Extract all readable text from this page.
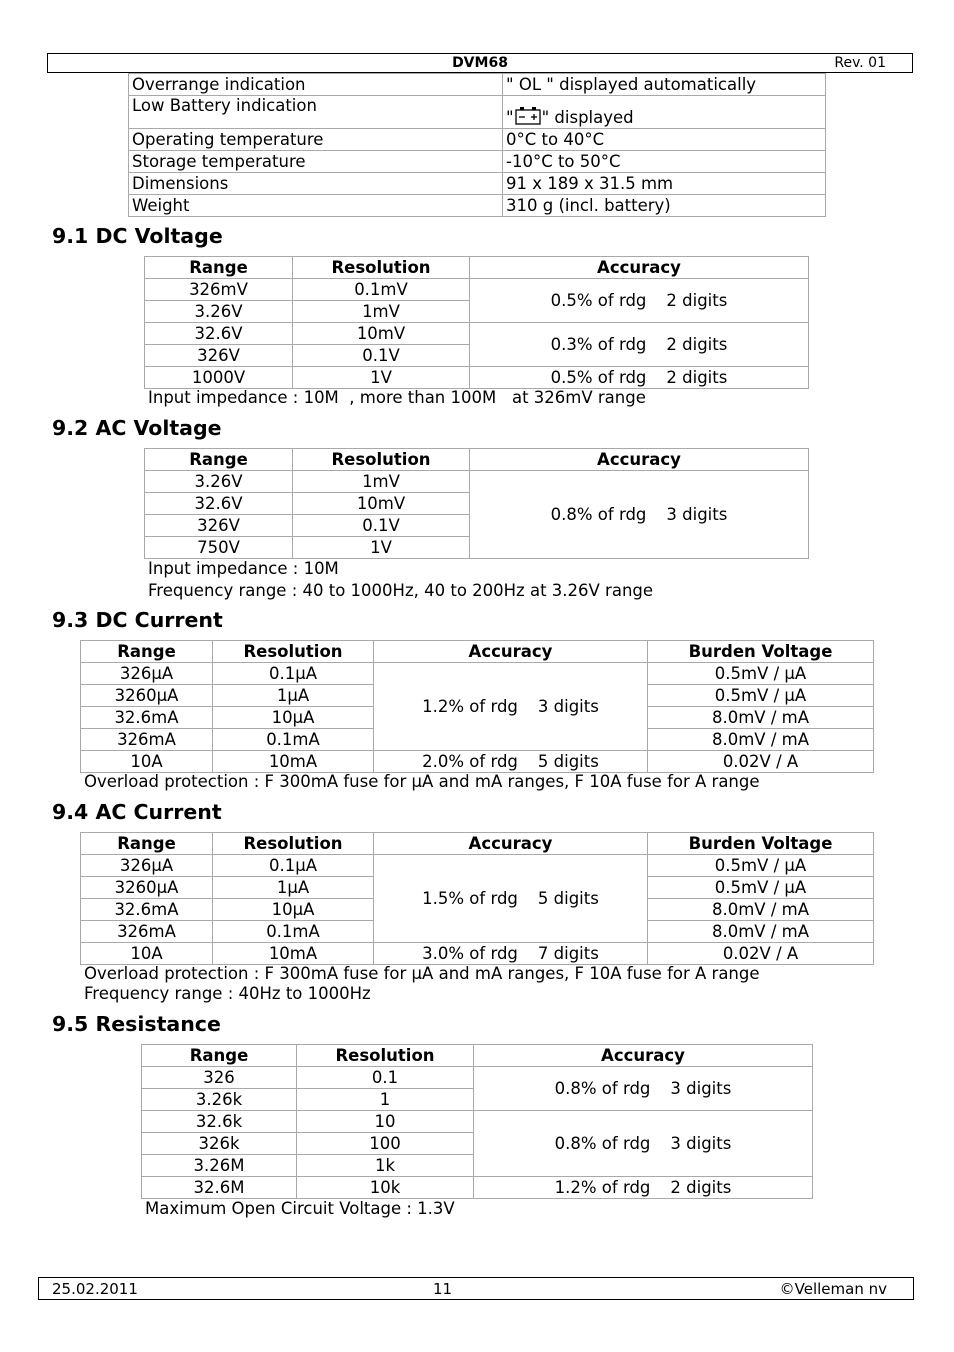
DVM68	Rev. 01
Overrange indication	" OL " displayed automatically
Low Battery indication	" " displayed
Operating temperature	0°C to 40°C
Storage temperature	-10°C to 50°C
Dimensions	91 x 189 x 31.5 mm
Weight	310 g (incl. battery)
9.1 DC Voltage
Range	Resolution	Accuracy
326mV	0.1mV	0.5% of rdg 2 digits
3.26V	1mV	
32.6V	10mV	0.3% of rdg 2 digits
326V	0.1V	
1000V	1V	0.5% of rdg 2 digits
Input impedance : 10M  , more than 100M   at 326mV range
9.2 AC Voltage
Range	Resolution	Accuracy
3.26V	1mV	0.8% of rdg 3 digits
32.6V	10mV	
326V	0.1V	
750V	1V	
Input impedance : 10M
Frequency range : 40 to 1000Hz, 40 to 200Hz at 3.26V range
9.3 DC Current
Range	Resolution	Accuracy	Burden Voltage
326μA	0.1μA	1.2% of rdg 3 digits	0.5mV / μA
3260μA	1μA		0.5mV / μA
32.6mA	10μA		8.0mV / mA
326mA	0.1mA		8.0mV / mA
10A	10mA	2.0% of rdg 5 digits	0.02V / A
Overload protection : F 300mA fuse for μA and mA ranges, F 10A fuse for A range
9.4 AC Current
Range	Resolution	Accuracy	Burden Voltage
326μA	0.1μA	1.5% of rdg 5 digits	0.5mV / μA
3260μA	1μA		0.5mV / μA
32.6mA	10μA		8.0mV / mA
326mA	0.1mA		8.0mV / mA
10A	10mA	3.0% of rdg 7 digits	0.02V / A
Overload protection : F 300mA fuse for μA and mA ranges, F 10A fuse for A range
Frequency range : 40Hz to 1000Hz
9.5 Resistance
Range	Resolution	Accuracy
326	0.1	0.8% of rdg 3 digits
3.26k	1	
32.6k	10	0.8% of rdg 3 digits
326k	100	
3.26M	1k	
32.6M	10k	1.2% of rdg 2 digits
Maximum Open Circuit Voltage : 1.3V
25.02.2011	11	©Velleman nv
